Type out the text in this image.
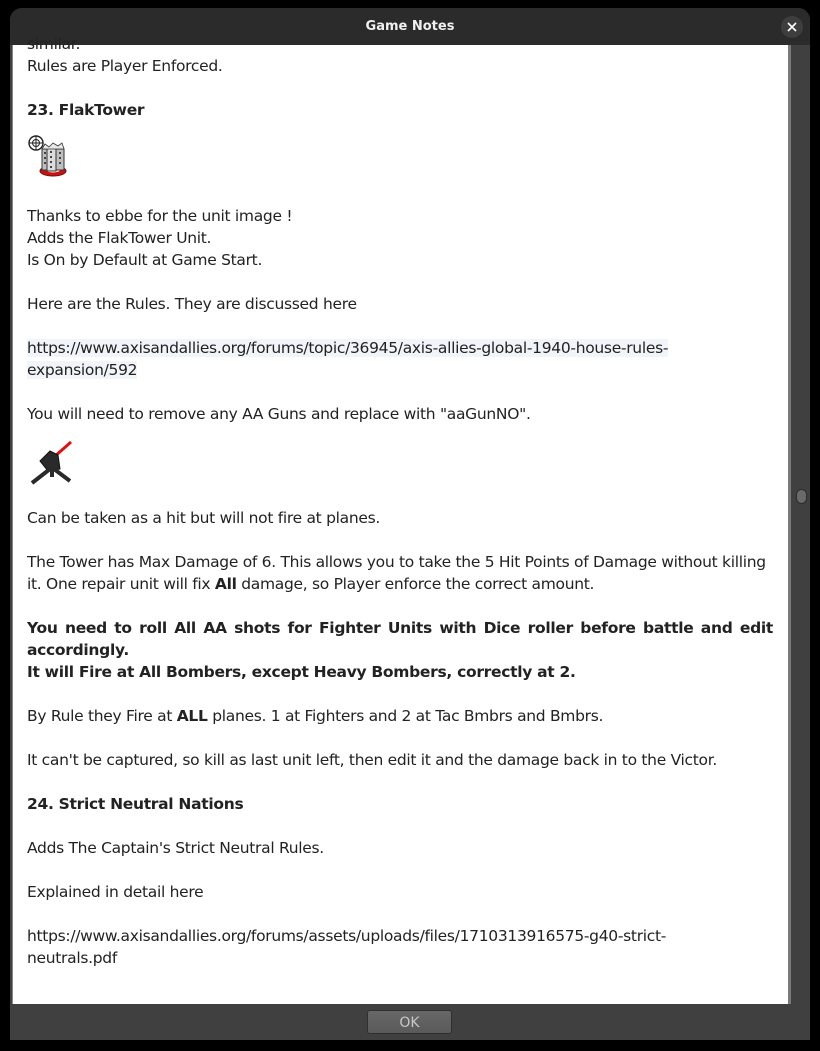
Game Notes

similar.

Rules are Player Enforced.

23. FlakTower

Thanks to ebbe for the unit image !

Adds the FlakTower Unit.

Is On by Default at Game Start.

Here are the Rules. They are discussed here

https://www.axisandallies.org/forums/topic/36945/axis-allies-global-1940-house-rules-
expansion/592

You will need to remove any AA Guns and replace with "aaGunNO".

Can be taken as a hit but will not fire at planes.

The Tower has Max Damage of 6. This allows you to take the 5 Hit Points of Damage without killing it. One repair unit will fix All damage, so Player enforce the correct amount.

You need to roll All AA shots for Fighter Units with Dice roller before battle and edit accordingly.

It will Fire at All Bombers, except Heavy Bombers, correctly at 2.

By Rule they Fire at ALL planes. 1 at Fighters and 2 at Tac Bmbrs and Bmbrs.

It can't be captured, so kill as last unit left, then edit it and the damage back in to the Victor.

24. Strict Neutral Nations

Adds The Captain's Strict Neutral Rules.

Explained in detail here

https://www.axisandallies.org/forums/assets/uploads/files/1710313916575-g40-strict-
neutrals.pdf

OK
